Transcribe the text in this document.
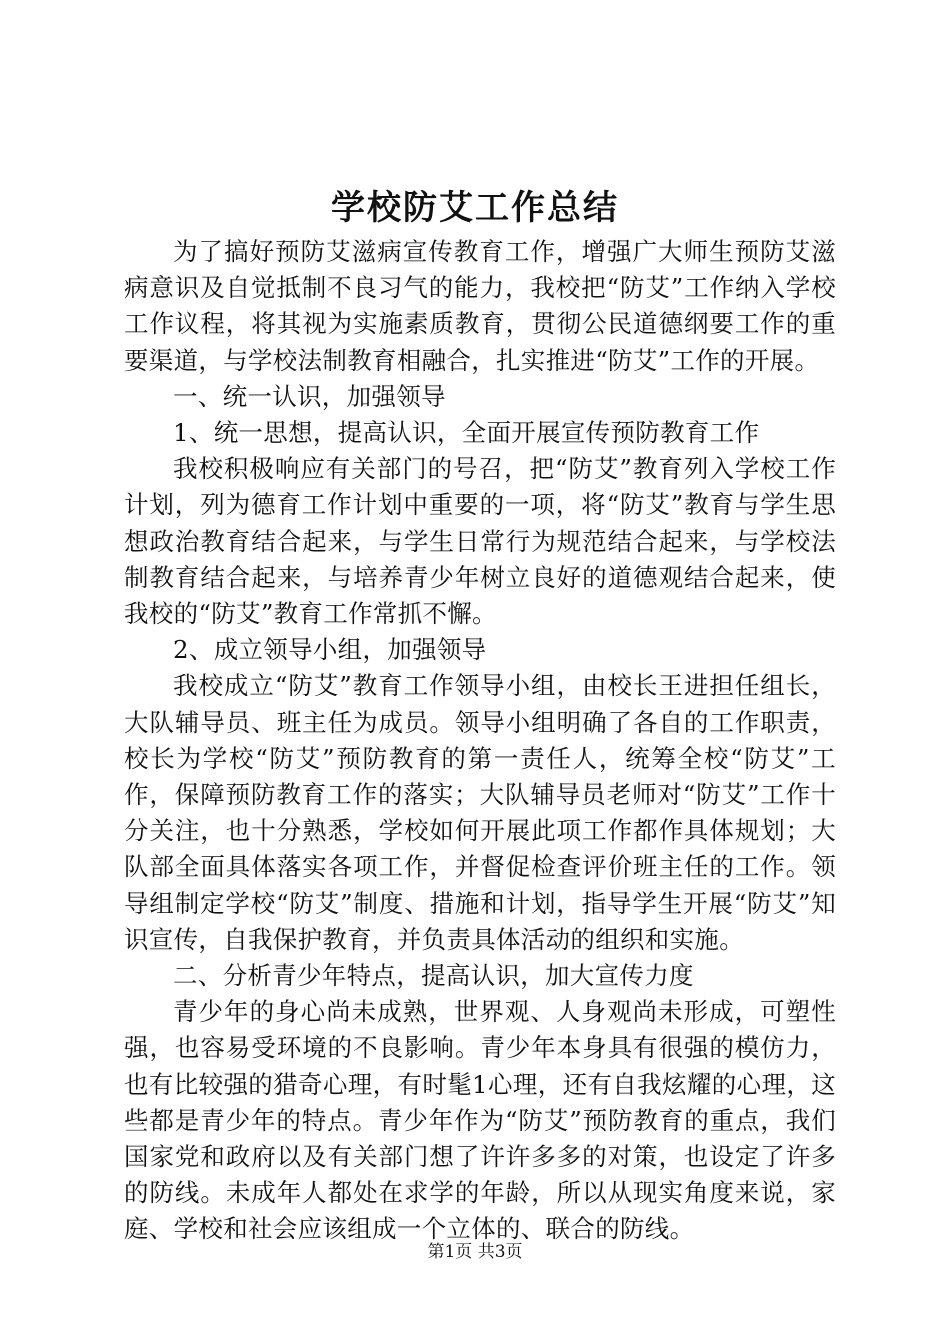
学校防艾工作总结

为了搞好预防艾滋病宣传教育工作，增强广大师生预防艾滋病意识及自觉抵制不良习气的能力，我校把“防艾”工作纳入学校工作议程，将其视为实施素质教育，贯彻公民道德纲要工作的重要渠道，与学校法制教育相融合，扎实推进“防艾”工作的开展。

一、统一认识，加强领导

1、统一思想，提高认识，全面开展宣传预防教育工作

我校积极响应有关部门的号召，把“防艾”教育列入学校工作计划，列为德育工作计划中重要的一项，将“防艾”教育与学生思想政治教育结合起来，与学生日常行为规范结合起来，与学校法制教育结合起来，与培养青少年树立良好的道德观结合起来，使我校的“防艾”教育工作常抓不懈。

2、成立领导小组，加强领导

我校成立“防艾”教育工作领导小组，由校长王进担任组长，大队辅导员、班主任为成员。领导小组明确了各自的工作职责，校长为学校“防艾”预防教育的第一责任人，统筹全校“防艾”工作，保障预防教育工作的落实；大队辅导员老师对“防艾”工作十分关注，也十分熟悉，学校如何开展此项工作都作具体规划；大队部全面具体落实各项工作，并督促检查评价班主任的工作。领导组制定学校“防艾”制度、措施和计划，指导学生开展“防艾”知识宣传，自我保护教育，并负责具体活动的组织和实施。

二、分析青少年特点，提高认识，加大宣传力度

青少年的身心尚未成熟，世界观、人身观尚未形成，可塑性强，也容易受环境的不良影响。青少年本身具有很强的模仿力，也有比较强的猎奇心理，有时髦1心理，还有自我炫耀的心理，这些都是青少年的特点。青少年作为“防艾”预防教育的重点，我们国家党和政府以及有关部门想了许许多多的对策，也设定了许多的防线。未成年人都处在求学的年龄，所以从现实角度来说，家庭、学校和社会应该组成一个立体的、联合的防线。

第1页 共3页
